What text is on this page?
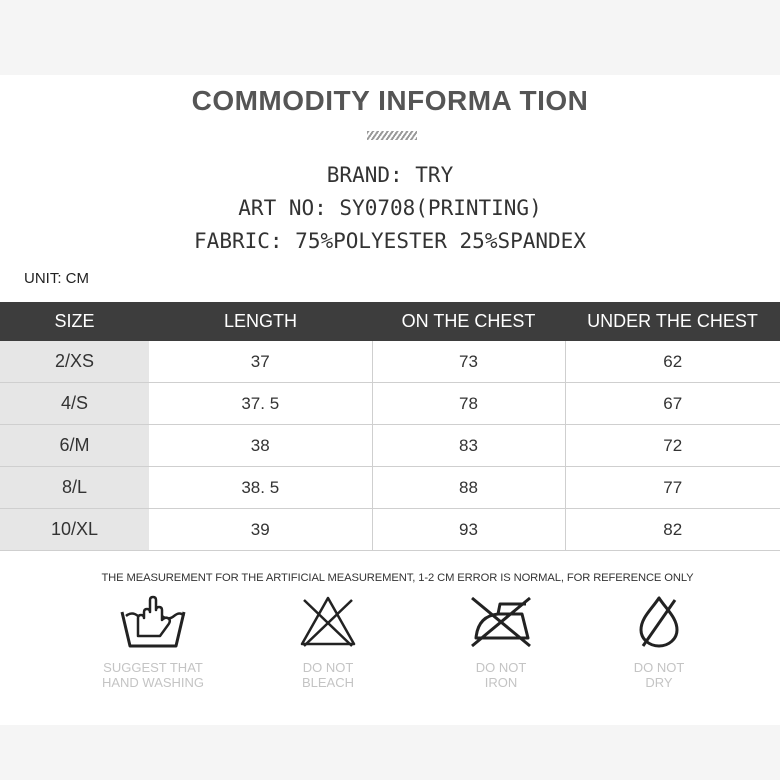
COMMODITY INFORMA TION
BRAND: TRY
ART NO: SY0708(PRINTING)
FABRIC: 75%POLYESTER 25%SPANDEX
UNIT: CM
SIZE	LENGTH	ON THE CHEST	UNDER THE CHEST
2/XS	37	73	62
4/S	37. 5	78	67
6/M	38	83	72
8/L	38. 5	88	77
10/XL	39	93	82
THE MEASUREMENT FOR THE ARTIFICIAL MEASUREMENT, 1-2 CM ERROR IS NORMAL, FOR REFERENCE ONLY
SUGGEST THAT
HAND WASHING
DO NOT
BLEACH
DO NOT
IRON
DO NOT
DRY
